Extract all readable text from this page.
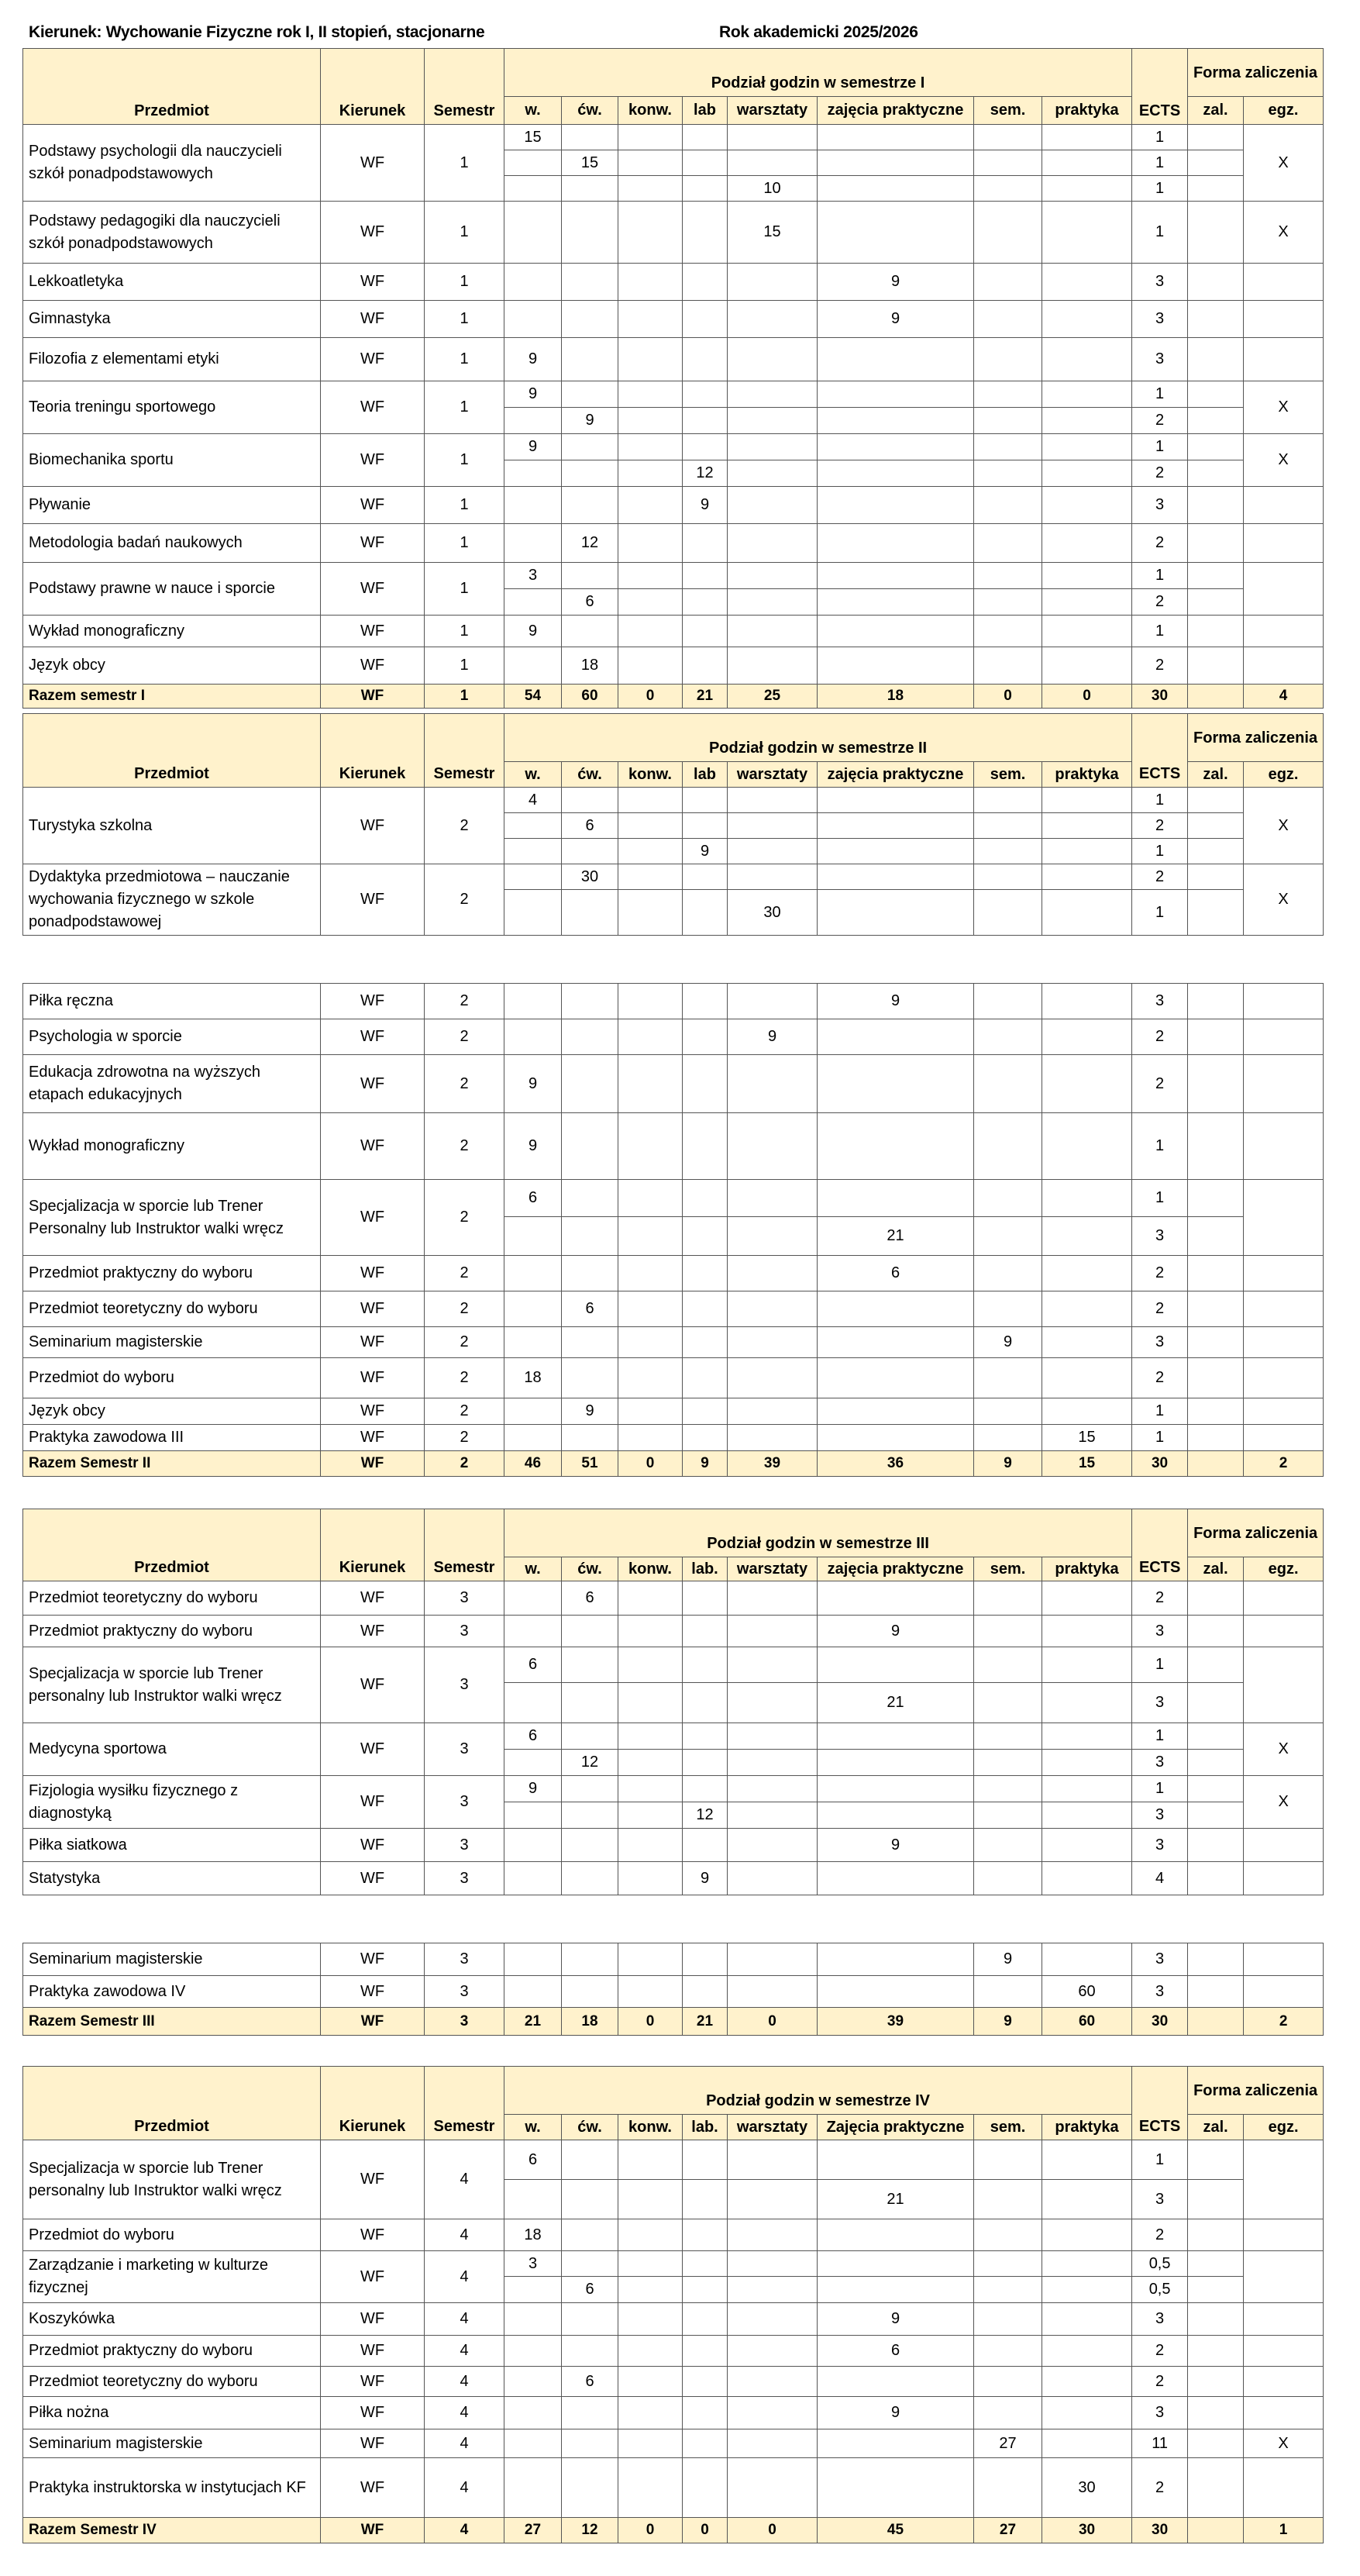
Kierunek: Wychowanie Fizyczne rok I, II stopień, stacjonarne	Rok akademicki 2025/2026
Przedmiot	Kierunek	Semestr	Podział godzin w semestrze I								ECTS	Forma zaliczenia	
			w.	ćw.	konw.	lab	warsztaty	zajęcia praktyczne	sem.	praktyka		zal.	egz.
Podstawy psychologii dla nauczycieli szkół ponadpodstawowych	WF	1	15								1		X
				15							1		
							10				1		
Podstawy pedagogiki dla nauczycieli szkół ponadpodstawowych	WF	1					15				1		X
Lekkoatletyka	WF	1						9			3		
Gimnastyka	WF	1						9			3		
Filozofia z elementami etyki	WF	1	9								3		
Teoria treningu sportowego	WF	1	9								1		X
				9							2		
Biomechanika sportu	WF	1	9								1		X
						12					2		
Pływanie	WF	1				9					3		
Metodologia badań naukowych	WF	1		12							2		
Podstawy prawne w nauce i sporcie	WF	1	3								1		
				6							2		
Wykład monograficzny	WF	1	9								1		
Język obcy	WF	1		18							2		
Razem semestr I	WF	1	54	60	0	21	25	18	0	0	30		4
Przedmiot	Kierunek	Semestr	Podział godzin w semestrze II								ECTS	Forma zaliczenia	
			w.	ćw.	konw.	lab	warsztaty	zajęcia praktyczne	sem.	praktyka		zal.	egz.
Turystyka szkolna	WF	2	4								1		X
				6							2		
						9					1		
Dydaktyka przedmiotowa – nauczanie wychowania fizycznego w szkole ponadpodstawowej	WF	2		30							2		X
							30				1		

Piłka ręczna	WF	2						9			3		
Psychologia w sporcie	WF	2					9				2		
Edukacja zdrowotna na wyższych etapach edukacyjnych	WF	2	9								2		
Wykład monograficzny	WF	2	9								1		
Specjalizacja w sporcie lub Trener Personalny lub Instruktor walki wręcz	WF	2	6								1		
								21			3		
Przedmiot praktyczny do wyboru	WF	2						6			2		
Przedmiot teoretyczny do wyboru	WF	2		6							2		
Seminarium magisterskie	WF	2							9		3		
Przedmiot do wyboru	WF	2	18								2		
Język obcy	WF	2		9							1		
Praktyka zawodowa III	WF	2								15	1		
Razem Semestr II	WF	2	46	51	0	9	39	36	9	15	30		2
Przedmiot	Kierunek	Semestr	Podział godzin w semestrze III								ECTS	Forma zaliczenia	
			w.	ćw.	konw.	lab.	warsztaty	zajęcia praktyczne	sem.	praktyka		zal.	egz.
Przedmiot teoretyczny do wyboru	WF	3		6							2		
Przedmiot praktyczny do wyboru	WF	3						9			3		
Specjalizacja w sporcie lub Trener personalny lub Instruktor walki wręcz	WF	3	6								1		
								21			3		
Medycyna sportowa	WF	3	6								1		X
				12							3		
Fizjologia wysiłku fizycznego z diagnostyką	WF	3	9								1		X
						12					3		
Piłka siatkowa	WF	3						9			3		
Statystyka	WF	3				9					4		

Seminarium magisterskie	WF	3							9		3		
Praktyka zawodowa IV	WF	3								60	3		
Razem Semestr III	WF	3	21	18	0	21	0	39	9	60	30		2
Przedmiot	Kierunek	Semestr	Podział godzin w semestrze IV								ECTS	Forma zaliczenia	
			w.	ćw.	konw.	lab.	warsztaty	Zajęcia praktyczne	sem.	praktyka		zal.	egz.
Specjalizacja w sporcie lub Trener personalny lub Instruktor walki wręcz	WF	4	6								1		
								21			3		
Przedmiot do wyboru	WF	4	18								2		
Zarządzanie i marketing w kulturze fizycznej	WF	4	3								0,5		
				6							0,5		
Koszykówka	WF	4						9			3		
Przedmiot praktyczny do wyboru	WF	4						6			2		
Przedmiot teoretyczny do wyboru	WF	4		6							2		
Piłka nożna	WF	4						9			3		
Seminarium magisterskie	WF	4							27		11		X
Praktyka instruktorska w instytucjach KF	WF	4								30	2		
Razem Semestr IV	WF	4	27	12	0	0	0	45	27	30	30		1
